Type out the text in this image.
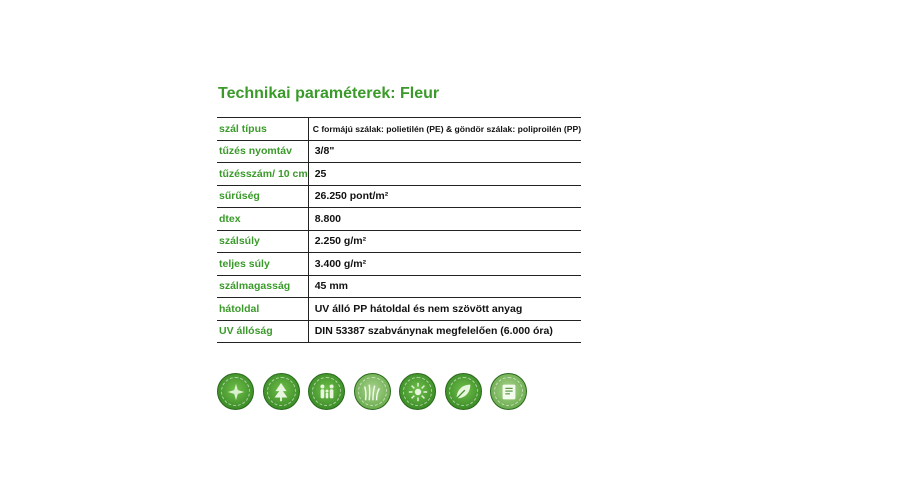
Technikai paraméterek: Fleur
szál típus	C formájú szálak: polietilén (PE) & göndör szálak: poliproilén (PP)
tűzés nyomtáv	3/8"
tűzésszám/ 10 cm	25
sűrűség	26.250 pont/m²
dtex	8.800
szálsúly	2.250 g/m²
teljes súly	3.400 g/m²
szálmagasság	45 mm
hátoldal	UV álló PP hátoldal és nem szövött anyag
UV állóság	DIN 53387 szabványnak megfelelően (6.000 óra)
